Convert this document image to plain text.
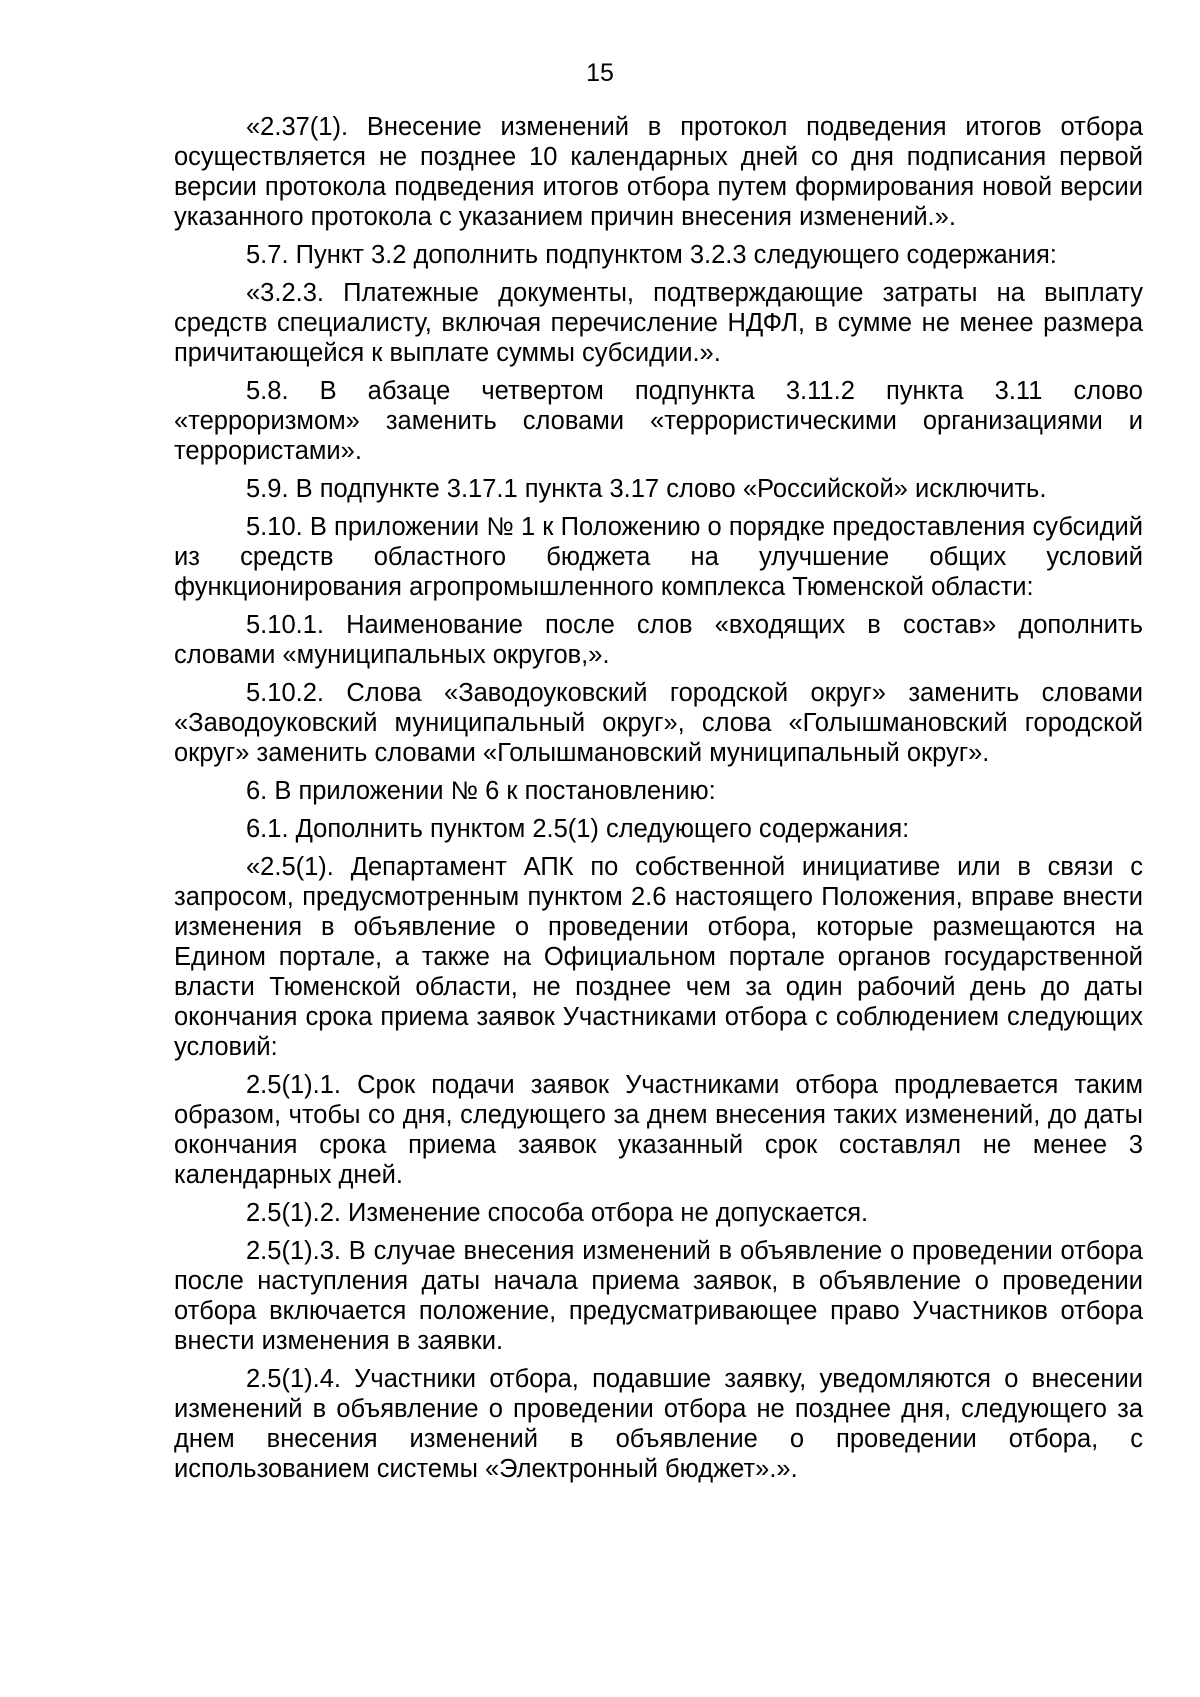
15

«2.37(1). Внесение изменений в протокол подведения итогов отбора осуществляется не позднее 10 календарных дней со дня подписания первой версии протокола подведения итогов отбора путем формирования новой версии указанного протокола с указанием причин внесения изменений.».

5.7. Пункт 3.2 дополнить подпунктом 3.2.3 следующего содержания:

«3.2.3. Платежные документы, подтверждающие затраты на выплату средств специалисту, включая перечисление НДФЛ, в сумме не менее размера причитающейся к выплате суммы субсидии.».

5.8. В абзаце четвертом подпункта 3.11.2 пункта 3.11 слово «терроризмом» заменить словами «террористическими организациями и террористами».

5.9. В подпункте 3.17.1 пункта 3.17 слово «Российской» исключить.

5.10. В приложении № 1 к Положению о порядке предоставления субсидий из средств областного бюджета на улучшение общих условий функционирования агропромышленного комплекса Тюменской области:

5.10.1. Наименование после слов «входящих в состав» дополнить словами «муниципальных округов,».

5.10.2. Слова «Заводоуковский городской округ» заменить словами «Заводоуковский муниципальный округ», слова «Голышмановский городской округ» заменить словами «Голышмановский муниципальный округ».

6. В приложении № 6 к постановлению:

6.1. Дополнить пунктом 2.5(1) следующего содержания:

«2.5(1). Департамент АПК по собственной инициативе или в связи с запросом, предусмотренным пунктом 2.6 настоящего Положения, вправе внести изменения в объявление о проведении отбора, которые размещаются на Едином портале, а также на Официальном портале органов государственной власти Тюменской области, не позднее чем за один рабочий день до даты окончания срока приема заявок Участниками отбора с соблюдением следующих условий:

2.5(1).1. Срок подачи заявок Участниками отбора продлевается таким образом, чтобы со дня, следующего за днем внесения таких изменений, до даты окончания срока приема заявок указанный срок составлял не менее 3 календарных дней.

2.5(1).2. Изменение способа отбора не допускается.

2.5(1).3. В случае внесения изменений в объявление о проведении отбора после наступления даты начала приема заявок, в объявление о проведении отбора включается положение, предусматривающее право Участников отбора внести изменения в заявки.

2.5(1).4. Участники отбора, подавшие заявку, уведомляются о внесении изменений в объявление о проведении отбора не позднее дня, следующего за днем внесения изменений в объявление о проведении отбора, с использованием системы «Электронный бюджет».».
